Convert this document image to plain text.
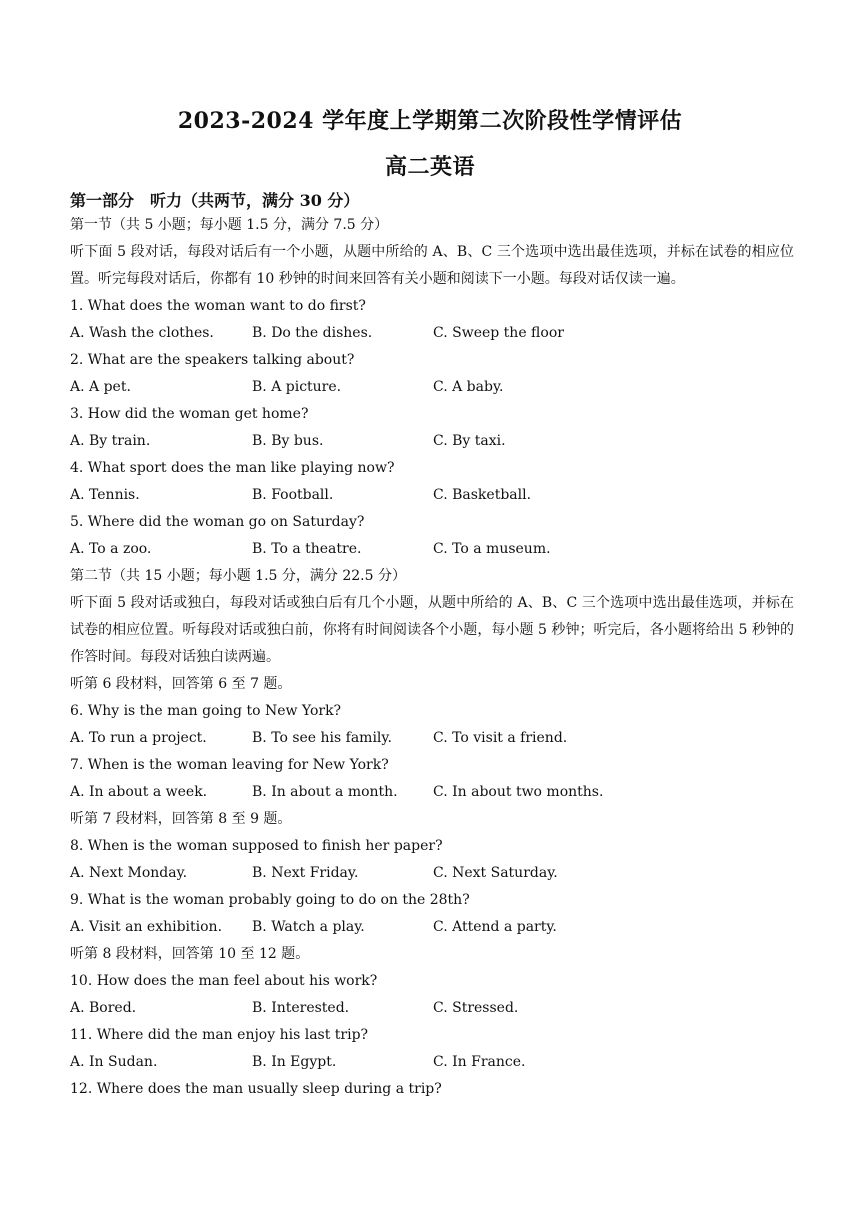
2023-2024 学年度上学期第二次阶段性学情评估
高二英语
第一部分　听力（共两节，满分 30 分）
第一节（共 5 小题；每小题 1.5 分，满分 7.5 分）
听下面 5 段对话，每段对话后有一个小题，从题中所给的 A、B、C 三个选项中选出最佳选项，并标在试卷的相应位置。听完每段对话后，你都有 10 秒钟的时间来回答有关小题和阅读下一小题。每段对话仅读一遍。
1. What does the woman want to do first?
A. Wash the clothes.	B. Do the dishes.	C. Sweep the floor
2. What are the speakers talking about?
A. A pet.	B. A picture.	C. A baby.
3. How did the woman get home?
A. By train.	B. By bus.	C. By taxi.
4. What sport does the man like playing now?
A. Tennis.	B. Football.	C. Basketball.
5. Where did the woman go on Saturday?
A. To a zoo.	B. To a theatre.	C. To a museum.
第二节（共 15 小题；每小题 1.5 分，满分 22.5 分）
听下面 5 段对话或独白，每段对话或独白后有几个小题，从题中所给的 A、B、C 三个选项中选出最佳选项，并标在试卷的相应位置。听每段对话或独白前，你将有时间阅读各个小题，每小题 5 秒钟；听完后，各小题将给出 5 秒钟的作答时间。每段对话独白读两遍。
听第 6 段材料，回答第 6 至 7 题。
6. Why is the man going to New York?
A. To run a project.	B. To see his family.	C. To visit a friend.
7. When is the woman leaving for New York?
A. In about a week.	B. In about a month.	C. In about two months.
听第 7 段材料，回答第 8 至 9 题。
8. When is the woman supposed to finish her paper?
A. Next Monday.	B. Next Friday.	C. Next Saturday.
9. What is the woman probably going to do on the 28th?
A. Visit an exhibition.	B. Watch a play.	C. Attend a party.
听第 8 段材料，回答第 10 至 12 题。
10. How does the man feel about his work?
A. Bored.	B. Interested.	C. Stressed.
11. Where did the man enjoy his last trip?
A. In Sudan.	B. In Egypt.	C. In France.
12. Where does the man usually sleep during a trip?
